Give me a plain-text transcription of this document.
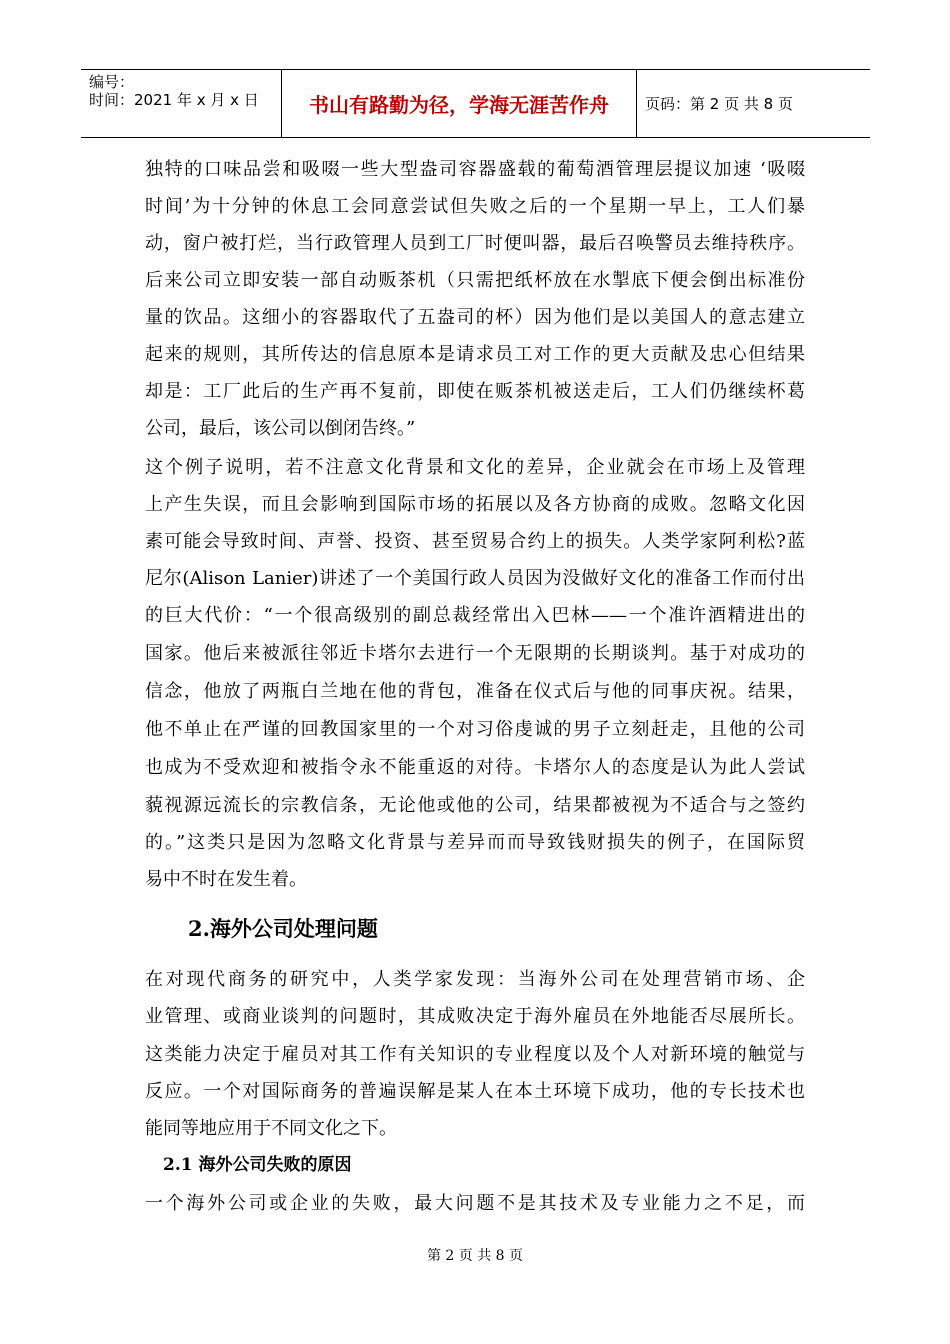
编号：
时间：2021 年 x 月 x 日	书山有路勤为径，学海无涯苦作舟	页码：第 2 页 共 8 页
独特的口味品尝和吸啜一些大型盎司容器盛载的葡萄酒管理层提议加速 ‘吸啜
时间’为十分钟的休息工会同意尝试但失败之后的一个星期一早上，工人们暴
动，窗户被打烂，当行政管理人员到工厂时便叫器，最后召唤警员去维持秩序。
后来公司立即安装一部自动贩茶机（只需把纸杯放在水掣底下便会倒出标准份
量的饮品。这细小的容器取代了五盎司的杯）因为他们是以美国人的意志建立
起来的规则，其所传达的信息原本是请求员工对工作的更大贡献及忠心但结果
却是：工厂此后的生产再不复前，即使在贩茶机被送走后，工人们仍继续杯葛
公司，最后，该公司以倒闭告终。”
这个例子说明，若不注意文化背景和文化的差异，企业就会在市场上及管理
上产生失误，而且会影响到国际市场的拓展以及各方协商的成败。忽略文化因
素可能会导致时间、声誉、投资、甚至贸易合约上的损失。人类学家阿利松?蓝
尼尔(Alison Lanier)讲述了一个美国行政人员因为没做好文化的准备工作而付出
的巨大代价：“一个很高级别的副总裁经常出入巴林——一个准许酒精进出的
国家。他后来被派往邻近卡塔尔去进行一个无限期的长期谈判。基于对成功的
信念，他放了两瓶白兰地在他的背包，准备在仪式后与他的同事庆祝。结果，
他不单止在严谨的回教国家里的一个对习俗虔诚的男子立刻赶走，且他的公司
也成为不受欢迎和被指令永不能重返的对待。卡塔尔人的态度是认为此人尝试
藐视源远流长的宗教信条，无论他或他的公司，结果都被视为不适合与之签约
的。”这类只是因为忽略文化背景与差异而而导致钱财损失的例子，在国际贸
易中不时在发生着。
2.海外公司处理问题
在对现代商务的研究中，人类学家发现：当海外公司在处理营销市场、企
业管理、或商业谈判的问题时，其成败决定于海外雇员在外地能否尽展所长。
这类能力决定于雇员对其工作有关知识的专业程度以及个人对新环境的触觉与
反应。一个对国际商务的普遍误解是某人在本土环境下成功，他的专长技术也
能同等地应用于不同文化之下。
2.1 海外公司失败的原因
一个海外公司或企业的失败，最大问题不是其技术及专业能力之不足，而
第 2 页 共 8 页
